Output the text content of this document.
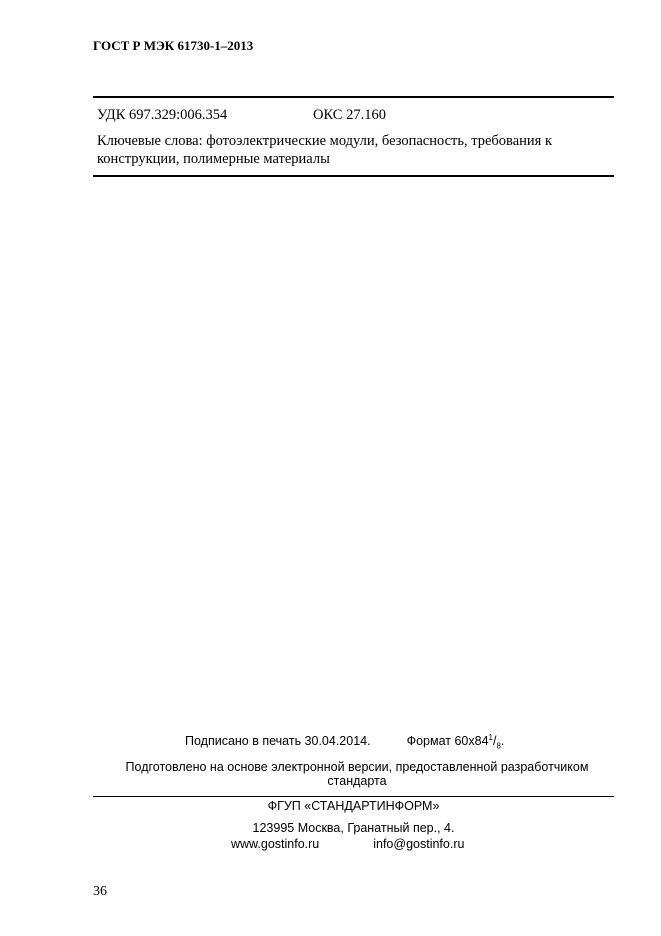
ГОСТ Р МЭК 61730-1–2013
УДК 697.329:006.354	ОКС 27.160
Ключевые слова: фотоэлектрические модули, безопасность, требования к конструкции, полимерные материалы
Подписано в печать 30.04.2014.	Формат $60x84^1/_8$.
Подготовлено на основе электронной версии, предоставленной разработчиком стандарта
ФГУП «СТАНДАРТИНФОРМ»
123995 Москва, Гранатный пер., 4.
www.gostinfo.ru	info@gostinfo.ru
36
